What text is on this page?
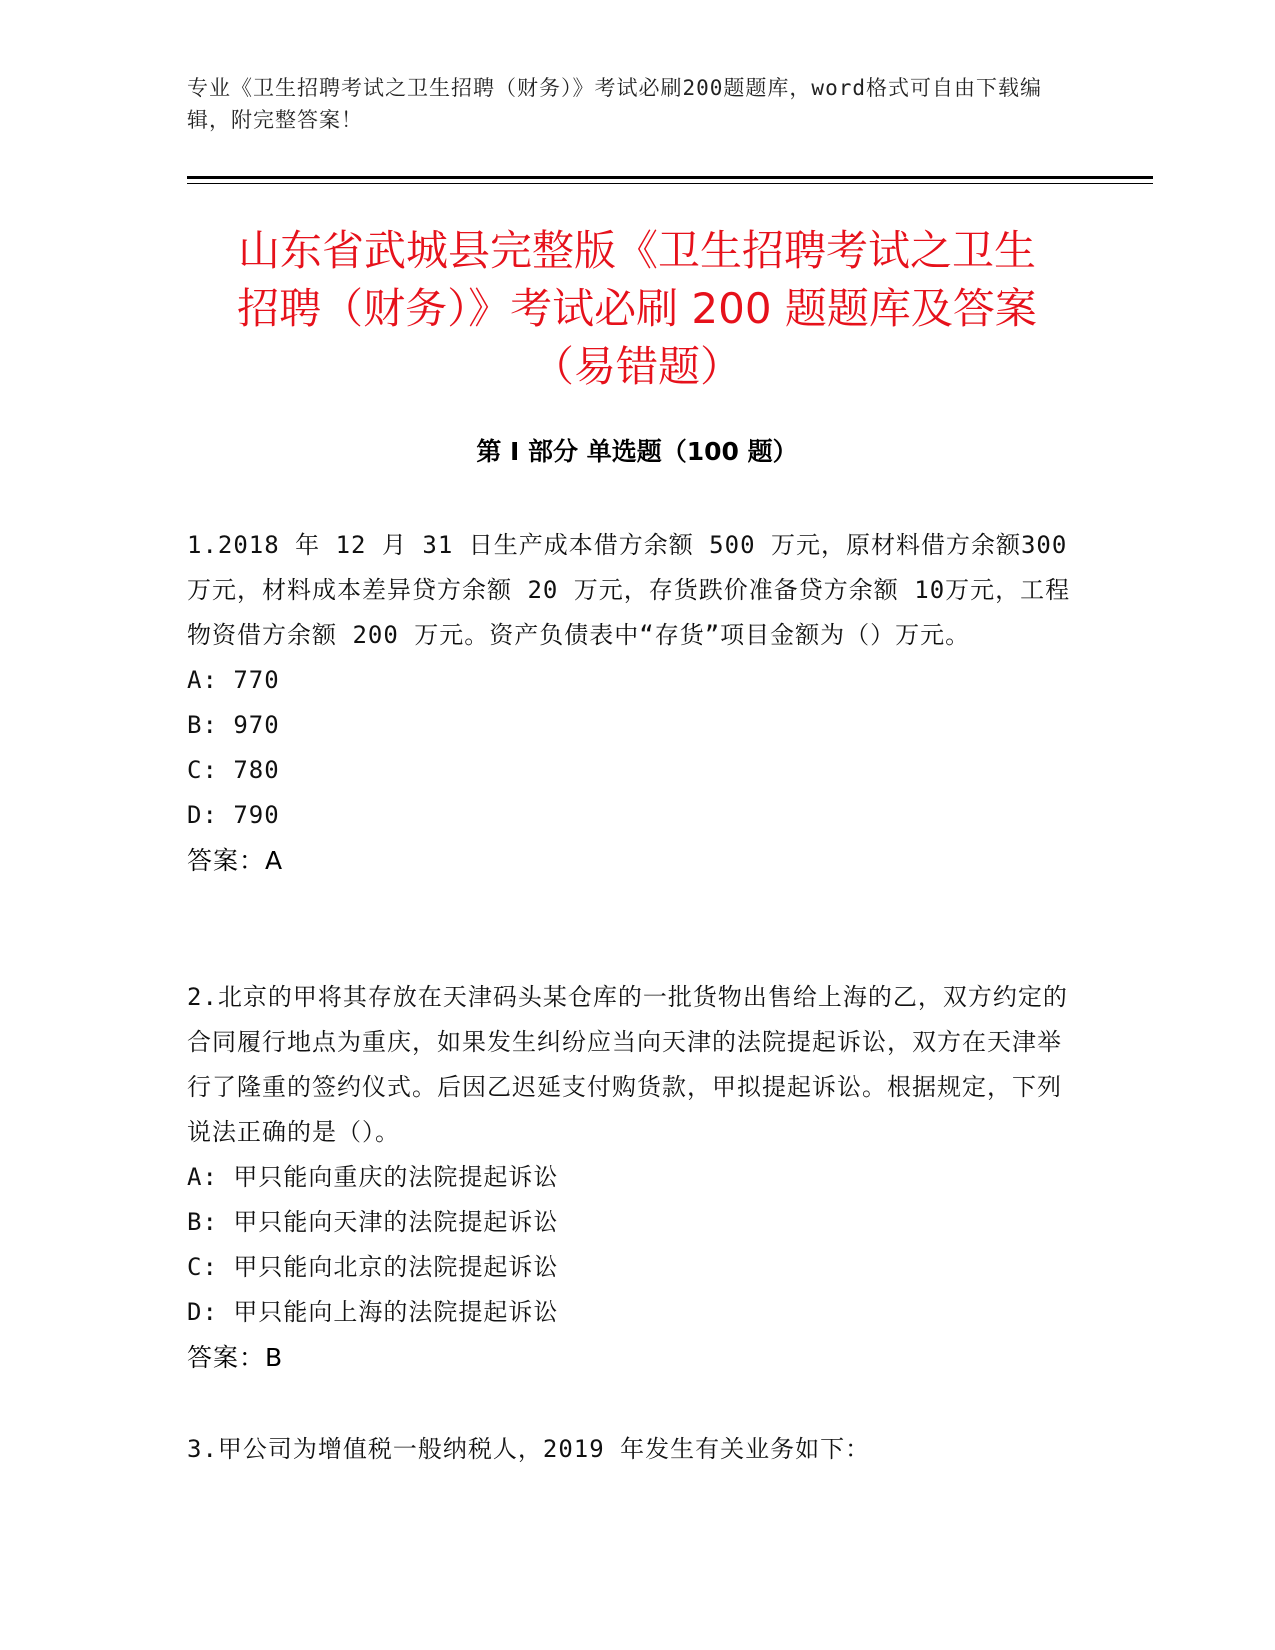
专业《卫生招聘考试之卫生招聘（财务）》考试必刷200题题库，word格式可自由下载编辑，附完整答案！
山东省武城县完整版《卫生招聘考试之卫生
招聘（财务）》考试必刷 200 题题库及答案
（易错题）
第 I 部分 单选题（100 题）

1.2018 年 12 月 31 日生产成本借方余额 500 万元，原材料借方余额300 万元，材料成本差异贷方余额 20 万元，存货跌价准备贷方余额 10万元，工程物资借方余额 200 万元。资产负债表中“存货”项目金额为（）万元。

A: 770

B: 970

C: 780

D: 790

答案：A

2.北京的甲将其存放在天津码头某仓库的一批货物出售给上海的乙，双方约定的合同履行地点为重庆，如果发生纠纷应当向天津的法院提起诉讼，双方在天津举行了隆重的签约仪式。后因乙迟延支付购货款，甲拟提起诉讼。根据规定，下列说法正确的是（）。

A: 甲只能向重庆的法院提起诉讼

B: 甲只能向天津的法院提起诉讼

C: 甲只能向北京的法院提起诉讼

D: 甲只能向上海的法院提起诉讼

答案：B

3.甲公司为增值税一般纳税人，2019 年发生有关业务如下：
